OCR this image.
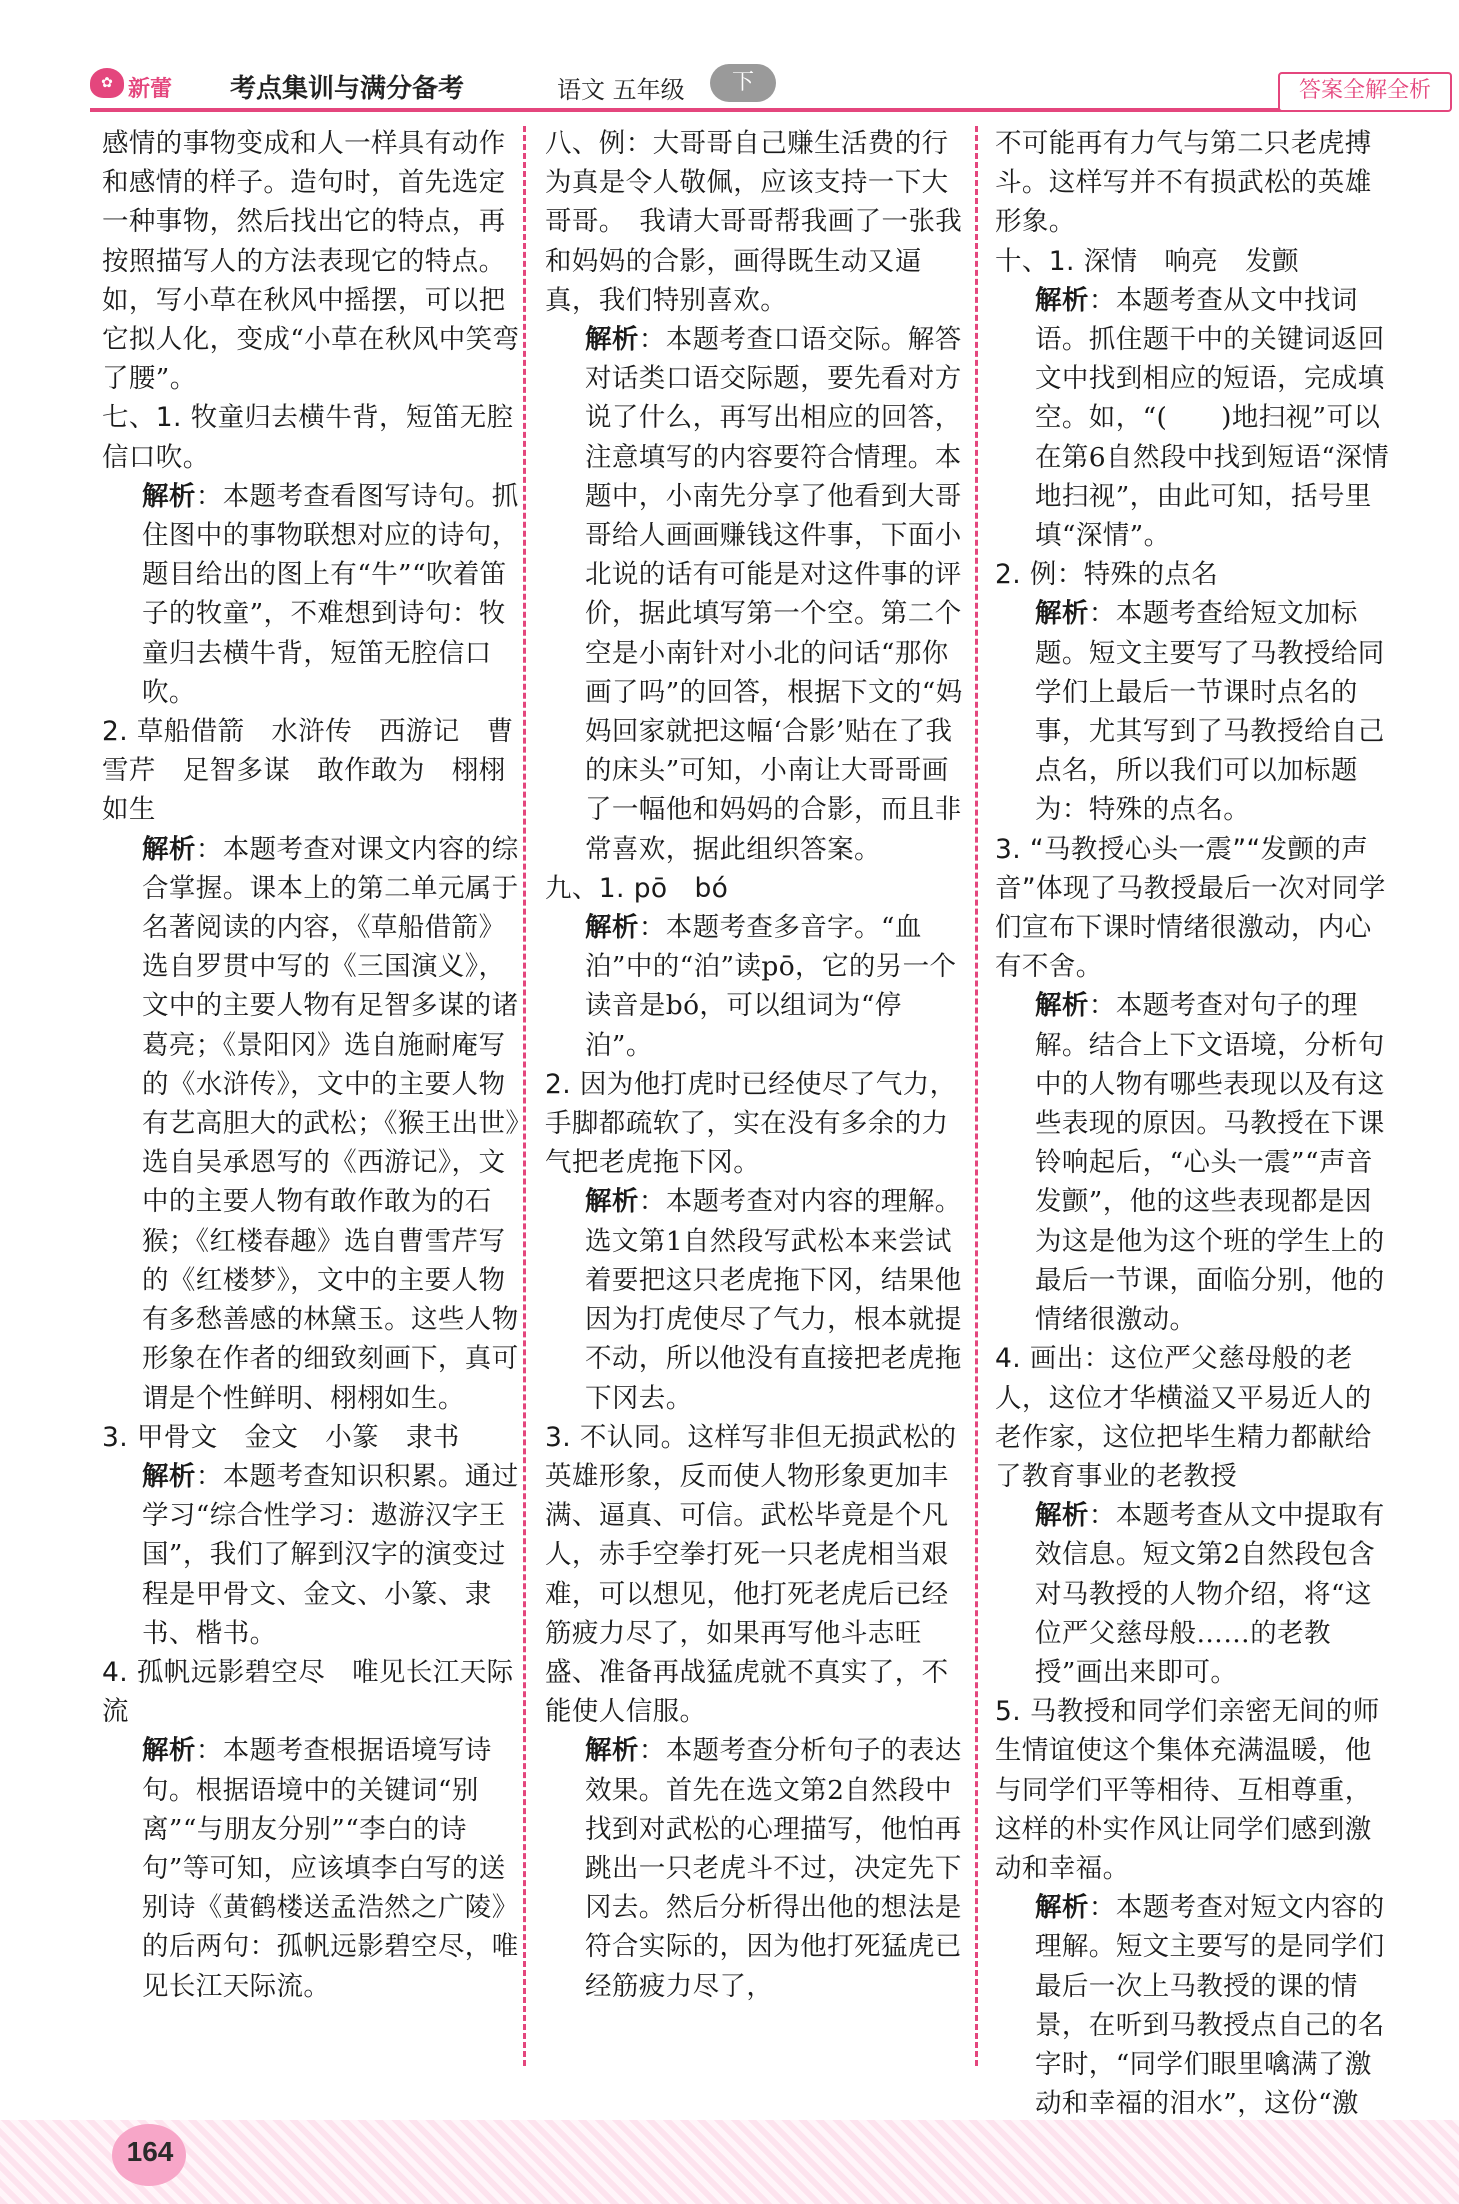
✿ 新蕾 考点集训与满分备考	语文 五年级	下	答案全解全析

感情的事物变成和人一样具有动作和感情的样子。造句时，首先选定一种事物，然后找出它的特点，再按照描写人的方法表现它的特点。如，写小草在秋风中摇摆，可以把它拟人化，变成“小草在秋风中笑弯了腰”。

七、1. 牧童归去横牛背，短笛无腔信口吹。

解析：本题考查看图写诗句。抓住图中的事物联想对应的诗句，题目给出的图上有“牛”“吹着笛子的牧童”，不难想到诗句：牧童归去横牛背，短笛无腔信口吹。

2. 草船借箭　水浒传　西游记　曹雪芹　足智多谋　敢作敢为　栩栩如生

解析：本题考查对课文内容的综合掌握。课本上的第二单元属于名著阅读的内容，《草船借箭》选自罗贯中写的《三国演义》，文中的主要人物有足智多谋的诸葛亮；《景阳冈》选自施耐庵写的《水浒传》，文中的主要人物有艺高胆大的武松；《猴王出世》选自吴承恩写的《西游记》，文中的主要人物有敢作敢为的石猴；《红楼春趣》选自曹雪芹写的《红楼梦》，文中的主要人物有多愁善感的林黛玉。这些人物形象在作者的细致刻画下，真可谓是个性鲜明、栩栩如生。

3. 甲骨文　金文　小篆　隶书

解析：本题考查知识积累。通过学习“综合性学习：遨游汉字王国”，我们了解到汉字的演变过程是甲骨文、金文、小篆、隶书、楷书。

4. 孤帆远影碧空尽　唯见长江天际流

解析：本题考查根据语境写诗句。根据语境中的关键词“别离”“与朋友分别”“李白的诗句”等可知，应该填李白写的送别诗《黄鹤楼送孟浩然之广陵》的后两句：孤帆远影碧空尽，唯见长江天际流。

八、例：大哥哥自己赚生活费的行为真是令人敬佩，应该支持一下大哥哥。　我请大哥哥帮我画了一张我和妈妈的合影，画得既生动又逼真，我们特别喜欢。

解析：本题考查口语交际。解答对话类口语交际题，要先看对方说了什么，再写出相应的回答，注意填写的内容要符合情理。本题中，小南先分享了他看到大哥哥给人画画赚钱这件事，下面小北说的话有可能是对这件事的评价，据此填写第一个空。第二个空是小南针对小北的问话“那你画了吗”的回答，根据下文的“妈妈回家就把这幅‘合影’贴在了我的床头”可知，小南让大哥哥画了一幅他和妈妈的合影，而且非常喜欢，据此组织答案。

九、1. pō　bó

解析：本题考查多音字。“血泊”中的“泊”读pō，它的另一个读音是bó，可以组词为“停泊”。

2. 因为他打虎时已经使尽了气力，手脚都疏软了，实在没有多余的力气把老虎拖下冈。

解析：本题考查对内容的理解。选文第1自然段写武松本来尝试着要把这只老虎拖下冈，结果他因为打虎使尽了气力，根本就提不动，所以他没有直接把老虎拖下冈去。

3. 不认同。这样写非但无损武松的英雄形象，反而使人物形象更加丰满、逼真、可信。武松毕竟是个凡人，赤手空拳打死一只老虎相当艰难，可以想见，他打死老虎后已经筋疲力尽了，如果再写他斗志旺盛、准备再战猛虎就不真实了，不能使人信服。

解析：本题考查分析句子的表达效果。首先在选文第2自然段中找到对武松的心理描写，他怕再跳出一只老虎斗不过，决定先下冈去。然后分析得出他的想法是符合实际的，因为他打死猛虎已经筋疲力尽了，

不可能再有力气与第二只老虎搏斗。这样写并不有损武松的英雄形象。

十、1. 深情　响亮　发颤

解析：本题考查从文中找词语。抓住题干中的关键词返回文中找到相应的短语，完成填空。如，“(　　)地扫视”可以在第6自然段中找到短语“深情地扫视”，由此可知，括号里填“深情”。

2. 例：特殊的点名

解析：本题考查给短文加标题。短文主要写了马教授给同学们上最后一节课时点名的事，尤其写到了马教授给自己点名，所以我们可以加标题为：特殊的点名。

3. “马教授心头一震”“发颤的声音”体现了马教授最后一次对同学们宣布下课时情绪很激动，内心有不舍。

解析：本题考查对句子的理解。结合上下文语境，分析句中的人物有哪些表现以及有这些表现的原因。马教授在下课铃响起后，“心头一震”“声音发颤”，他的这些表现都是因为这是他为这个班的学生上的最后一节课，面临分别，他的情绪很激动。

4. 画出：这位严父慈母般的老人，这位才华横溢又平易近人的老作家，这位把毕生精力都献给了教育事业的老教授

解析：本题考查从文中提取有效信息。短文第2自然段包含对马教授的人物介绍，将“这位严父慈母般……的老教授”画出来即可。

5. 马教授和同学们亲密无间的师生情谊使这个集体充满温暖，他与同学们平等相待、互相尊重，这样的朴实作风让同学们感到激动和幸福。

解析：本题考查对短文内容的理解。短文主要写的是同学们最后一次上马教授的课的情景，在听到马教授点自己的名字时，“同学们眼里噙满了激动和幸福的泪水”，这份“激

164
